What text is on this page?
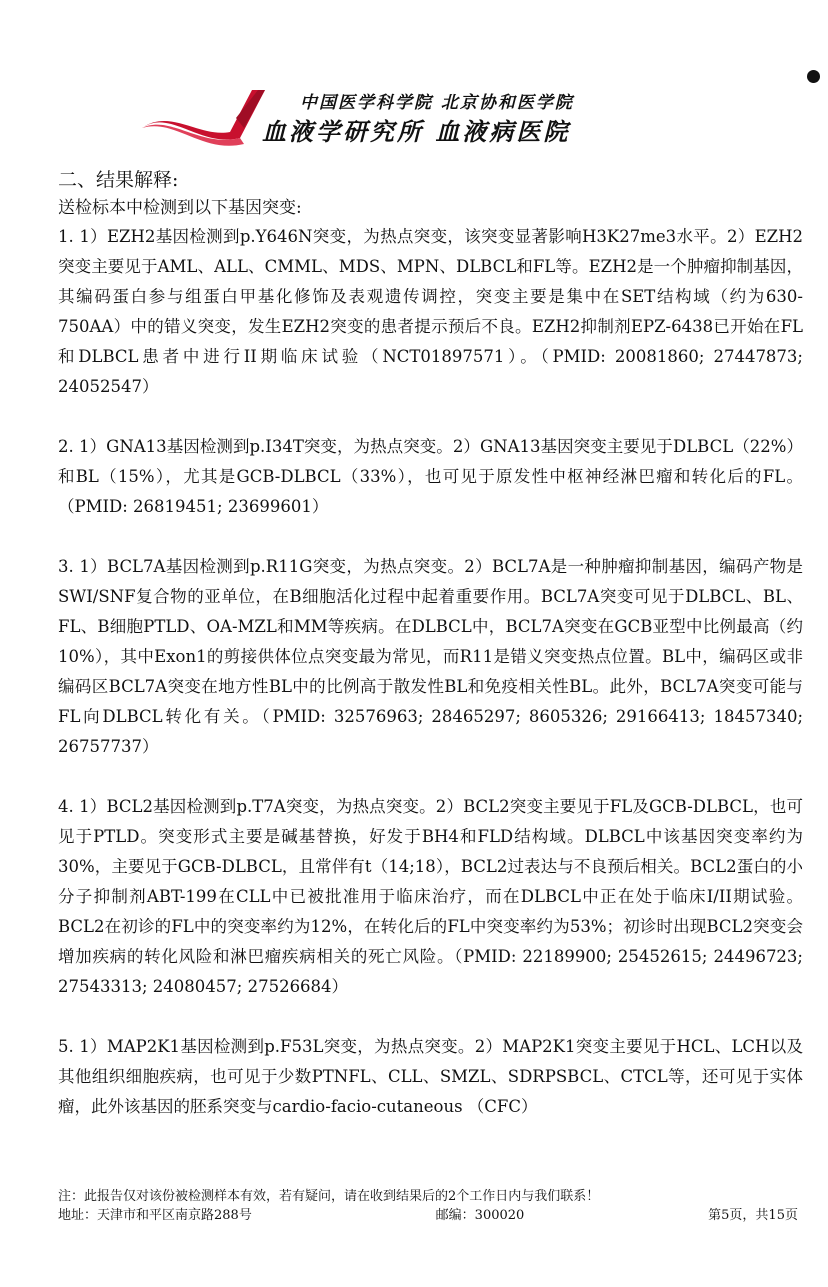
中国医学科学院 北京协和医学院
血液学研究所 血液病医院

二、结果解释:

送检标本中检测到以下基因突变:

1. 1）EZH2基因检测到p.Y646N突变，为热点突变，该突变显著影响H3K27me3水平。2）EZH2突变主要见于AML、ALL、CMML、MDS、MPN、DLBCL和FL等。EZH2是一个肿瘤抑制基因，其编码蛋白参与组蛋白甲基化修饰及表观遗传调控，突变主要是集中在SET结构域（约为630-750AA）中的错义突变，发生EZH2突变的患者提示预后不良。EZH2抑制剂EPZ-6438已开始在FL和DLBCL患者中进行II期临床试验（NCT01897571）。（PMID: 20081860; 27447873; 24052547）

2. 1）GNA13基因检测到p.I34T突变，为热点突变。2）GNA13基因突变主要见于DLBCL（22%）和BL（15%），尤其是GCB-DLBCL（33%），也可见于原发性中枢神经淋巴瘤和转化后的FL。（PMID: 26819451; 23699601）

3. 1）BCL7A基因检测到p.R11G突变，为热点突变。2）BCL7A是一种肿瘤抑制基因，编码产物是SWI/SNF复合物的亚单位，在B细胞活化过程中起着重要作用。BCL7A突变可见于DLBCL、BL、FL、B细胞PTLD、OA-MZL和MM等疾病。在DLBCL中，BCL7A突变在GCB亚型中比例最高（约10%），其中Exon1的剪接供体位点突变最为常见，而R11是错义突变热点位置。BL中，编码区或非编码区BCL7A突变在地方性BL中的比例高于散发性BL和免疫相关性BL。此外，BCL7A突变可能与FL向DLBCL转化有关。（PMID: 32576963; 28465297; 8605326; 29166413; 18457340; 26757737）

4. 1）BCL2基因检测到p.T7A突变，为热点突变。2）BCL2突变主要见于FL及GCB-DLBCL，也可见于PTLD。突变形式主要是碱基替换，好发于BH4和FLD结构域。DLBCL中该基因突变率约为30%，主要见于GCB-DLBCL，且常伴有t（14;18），BCL2过表达与不良预后相关。BCL2蛋白的小分子抑制剂ABT-199在CLL中已被批准用于临床治疗，而在DLBCL中正在处于临床I/II期试验。BCL2在初诊的FL中的突变率约为12%，在转化后的FL中突变率约为53%；初诊时出现BCL2突变会增加疾病的转化风险和淋巴瘤疾病相关的死亡风险。（PMID: 22189900; 25452615; 24496723; 27543313; 24080457; 27526684）

5. 1）MAP2K1基因检测到p.F53L突变，为热点突变。2）MAP2K1突变主要见于HCL、LCH以及其他组织细胞疾病，也可见于少数PTNFL、CLL、SMZL、SDRPSBCL、CTCL等，还可见于实体瘤，此外该基因的胚系突变与cardio-facio-cutaneous （CFC）

注：此报告仅对该份被检测样本有效，若有疑问，请在收到结果后的2个工作日内与我们联系！
地址：天津市和平区南京路288号	邮编：300020	第5页，共15页
